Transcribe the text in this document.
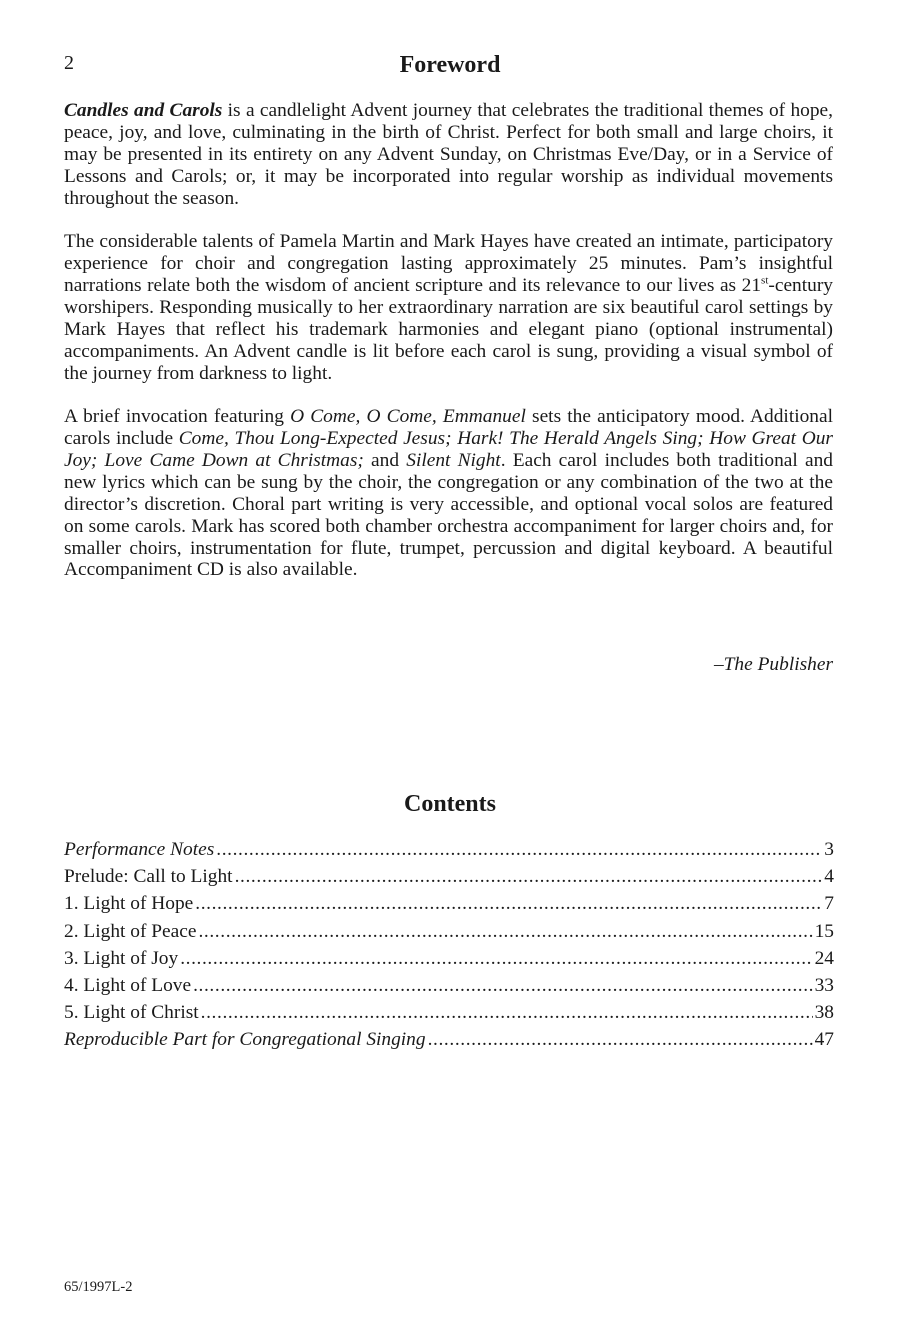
2	Foreword

Candles and Carols is a candlelight Advent journey that celebrates the traditional themes of hope, peace, joy, and love, culminating in the birth of Christ. Perfect for both small and large choirs, it may be presented in its entirety on any Advent Sunday, on Christmas Eve/Day, or in a Service of Lessons and Carols; or, it may be incorporated into regular worship as individual movements throughout the season.

The considerable talents of Pamela Martin and Mark Hayes have created an intimate, participatory experience for choir and congregation lasting approximately 25 minutes. Pam’s insightful narrations relate both the wisdom of ancient scripture and its relevance to our lives as 21st-century worshipers. Responding musically to her extraordinary narration are six beautiful carol settings by Mark Hayes that reflect his trademark harmonies and elegant piano (optional instrumental) accompaniments. An Advent candle is lit before each carol is sung, providing a visual symbol of the journey from darkness to light.

A brief invocation featuring O Come, O Come, Emmanuel sets the anticipatory mood. Additional carols include Come, Thou Long-Expected Jesus; Hark! The Herald Angels Sing; How Great Our Joy; Love Came Down at Christmas; and Silent Night. Each carol includes both traditional and new lyrics which can be sung by the choir, the congregation or any combination of the two at the director’s discretion. Choral part writing is very accessible, and optional vocal solos are featured on some carols. Mark has scored both chamber orchestra accompaniment for larger choirs and, for smaller choirs, instrumentation for flute, trumpet, percussion and digital keyboard. A beautiful Accompaniment CD is also available.

–The Publisher
Contents
Performance Notes .....	3
Prelude: Call to Light .....	4
1. Light of Hope .....	7
2. Light of Peace .....	15
3. Light of Joy .....	24
4. Light of Love .....	33
5. Light of Christ .....	38
Reproducible Part for Congregational Singing .....	47
65/1997L-2
